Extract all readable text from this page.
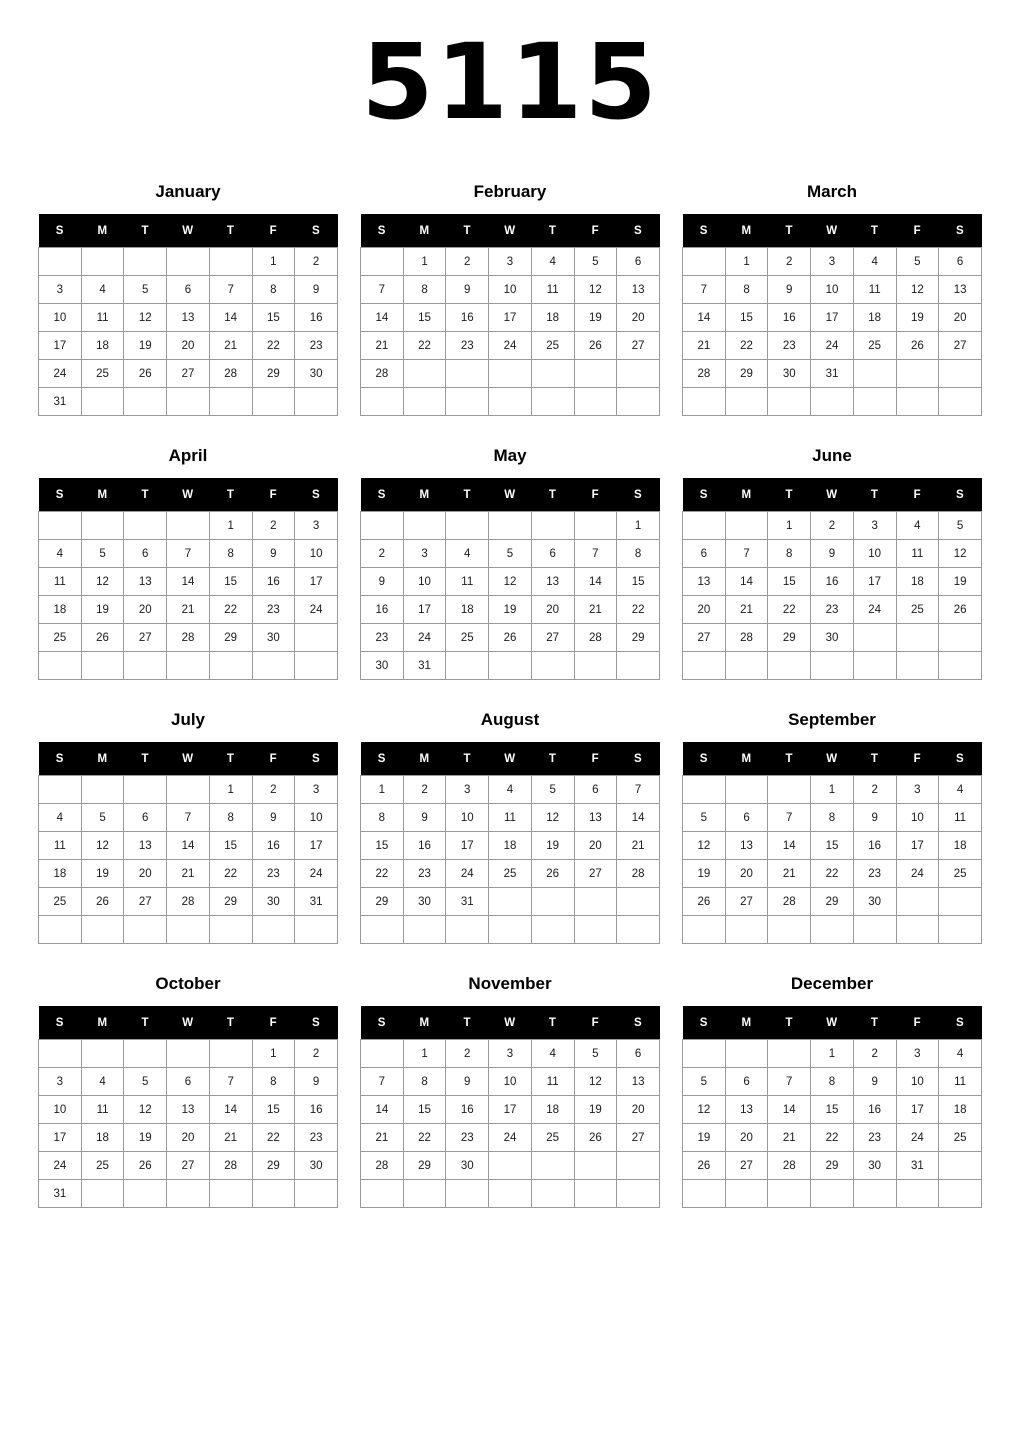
5115
January
S	M	T	W	T	F	S
					1	2
3	4	5	6	7	8	9
10	11	12	13	14	15	16
17	18	19	20	21	22	23
24	25	26	27	28	29	30
31						
February
S	M	T	W	T	F	S
	1	2	3	4	5	6
7	8	9	10	11	12	13
14	15	16	17	18	19	20
21	22	23	24	25	26	27
28						

March
S	M	T	W	T	F	S
	1	2	3	4	5	6
7	8	9	10	11	12	13
14	15	16	17	18	19	20
21	22	23	24	25	26	27
28	29	30	31			

April
S	M	T	W	T	F	S
				1	2	3
4	5	6	7	8	9	10
11	12	13	14	15	16	17
18	19	20	21	22	23	24
25	26	27	28	29	30	

May
S	M	T	W	T	F	S
						1
2	3	4	5	6	7	8
9	10	11	12	13	14	15
16	17	18	19	20	21	22
23	24	25	26	27	28	29
30	31					
June
S	M	T	W	T	F	S
		1	2	3	4	5
6	7	8	9	10	11	12
13	14	15	16	17	18	19
20	21	22	23	24	25	26
27	28	29	30			

July
S	M	T	W	T	F	S
				1	2	3
4	5	6	7	8	9	10
11	12	13	14	15	16	17
18	19	20	21	22	23	24
25	26	27	28	29	30	31

August
S	M	T	W	T	F	S
1	2	3	4	5	6	7
8	9	10	11	12	13	14
15	16	17	18	19	20	21
22	23	24	25	26	27	28
29	30	31				

September
S	M	T	W	T	F	S
			1	2	3	4
5	6	7	8	9	10	11
12	13	14	15	16	17	18
19	20	21	22	23	24	25
26	27	28	29	30		

October
S	M	T	W	T	F	S
					1	2
3	4	5	6	7	8	9
10	11	12	13	14	15	16
17	18	19	20	21	22	23
24	25	26	27	28	29	30
31						
November
S	M	T	W	T	F	S
	1	2	3	4	5	6
7	8	9	10	11	12	13
14	15	16	17	18	19	20
21	22	23	24	25	26	27
28	29	30				

December
S	M	T	W	T	F	S
			1	2	3	4
5	6	7	8	9	10	11
12	13	14	15	16	17	18
19	20	21	22	23	24	25
26	27	28	29	30	31	
